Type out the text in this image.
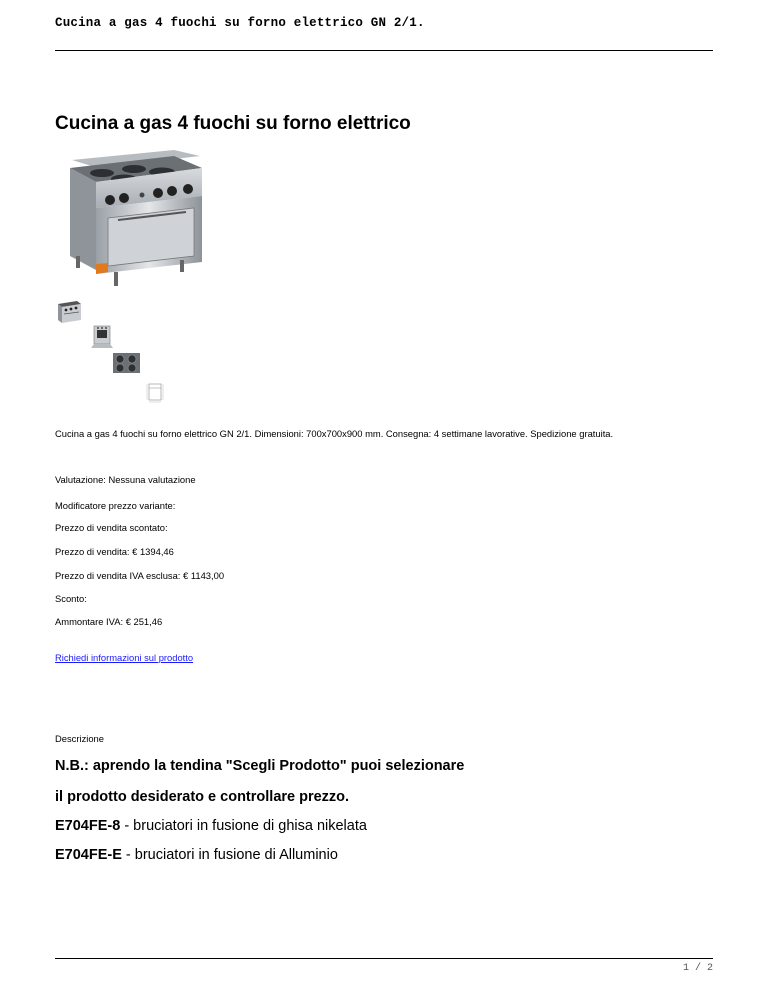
Cucina a gas 4 fuochi su forno elettrico GN 2/1.
Cucina a gas 4 fuochi su forno elettrico
Cucina a gas 4 fuochi su forno elettrico GN 2/1. Dimensioni: 700x700x900 mm. Consegna: 4 settimane lavorative. Spedizione gratuita.
Valutazione: Nessuna valutazione
Modificatore prezzo variante:
Prezzo di vendita scontato:
Prezzo di vendita: € 1394,46
Prezzo di vendita IVA esclusa: € 1143,00
Sconto:
Ammontare IVA: € 251,46
Richiedi informazioni sul prodotto
Descrizione
N.B.: aprendo la tendina "Scegli Prodotto" puoi selezionare
il prodotto desiderato e controllare prezzo.
E704FE-8 - bruciatori in fusione di ghisa nikelata
E704FE-E - bruciatori in fusione di Alluminio
1 / 2
